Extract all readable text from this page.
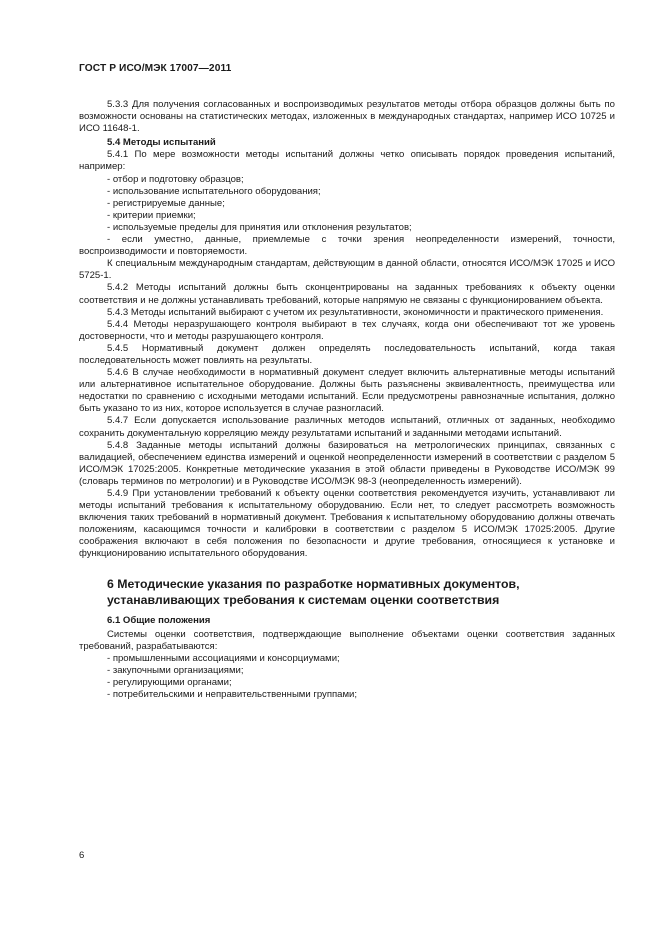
ГОСТ Р ИСО/МЭК 17007—2011

5.3.3 Для получения согласованных и воспроизводимых результатов методы отбора образцов должны быть по возможности основаны на статистических методах, изложенных в международных стандартах, например ИСО 10725 и ИСО 11648-1.

5.4 Методы испытаний

5.4.1 По мере возможности методы испытаний должны четко описывать порядок проведения испытаний, например:

- отбор и подготовку образцов;

- использование испытательного оборудования;

- регистрируемые данные;

- критерии приемки;

- используемые пределы для принятия или отклонения результатов;

- если уместно, данные, приемлемые с точки зрения неопределенности измерений, точности, воспроизводимости и повторяемости.

К специальным международным стандартам, действующим в данной области, относятся ИСО/МЭК 17025 и ИСО 5725-1.

5.4.2 Методы испытаний должны быть сконцентрированы на заданных требованиях к объекту оценки соответствия и не должны устанавливать требований, которые напрямую не связаны с функционированием объекта.

5.4.3 Методы испытаний выбирают с учетом их результативности, экономичности и практического применения.

5.4.4 Методы неразрушающего контроля выбирают в тех случаях, когда они обеспечивают тот же уровень достоверности, что и методы разрушающего контроля.

5.4.5 Нормативный документ должен определять последовательность испытаний, когда такая последовательность может повлиять на результаты.

5.4.6 В случае необходимости в нормативный документ следует включить альтернативные методы испытаний или альтернативное испытательное оборудование. Должны быть разъяснены эквивалентность, преимущества или недостатки по сравнению с исходными методами испытаний. Если предусмотрены равнозначные испытания, должно быть указано то из них, которое используется в случае разногласий.

5.4.7 Если допускается использование различных методов испытаний, отличных от заданных, необходимо сохранить документальную корреляцию между результатами испытаний и заданными методами испытаний.

5.4.8 Заданные методы испытаний должны базироваться на метрологических принципах, связанных с валидацией, обеспечением единства измерений и оценкой неопределенности измерений в соответствии с разделом 5 ИСО/МЭК 17025:2005. Конкретные методические указания в этой области приведены в Руководстве ИСО/МЭК 99 (словарь терминов по метрологии) и в Руководстве ИСО/МЭК 98-3 (неопределенность измерений).

5.4.9 При установлении требований к объекту оценки соответствия рекомендуется изучить, устанавливают ли методы испытаний требования к испытательному оборудованию. Если нет, то следует рассмотреть возможность включения таких требований в нормативный документ. Требования к испытательному оборудованию должны отвечать положениям, касающимся точности и калибровки в соответствии с разделом 5 ИСО/МЭК 17025:2005. Другие соображения включают в себя положения по безопасности и другие требования, относящиеся к установке и функционированию испытательного оборудования.

6 Методические указания по разработке нормативных документов, устанавливающих требования к системам оценки соответствия

6.1 Общие положения

Системы оценки соответствия, подтверждающие выполнение объектами оценки соответствия заданных требований, разрабатываются:

- промышленными ассоциациями и консорциумами;

- закупочными организациями;

- регулирующими органами;

- потребительскими и неправительственными группами;

6
